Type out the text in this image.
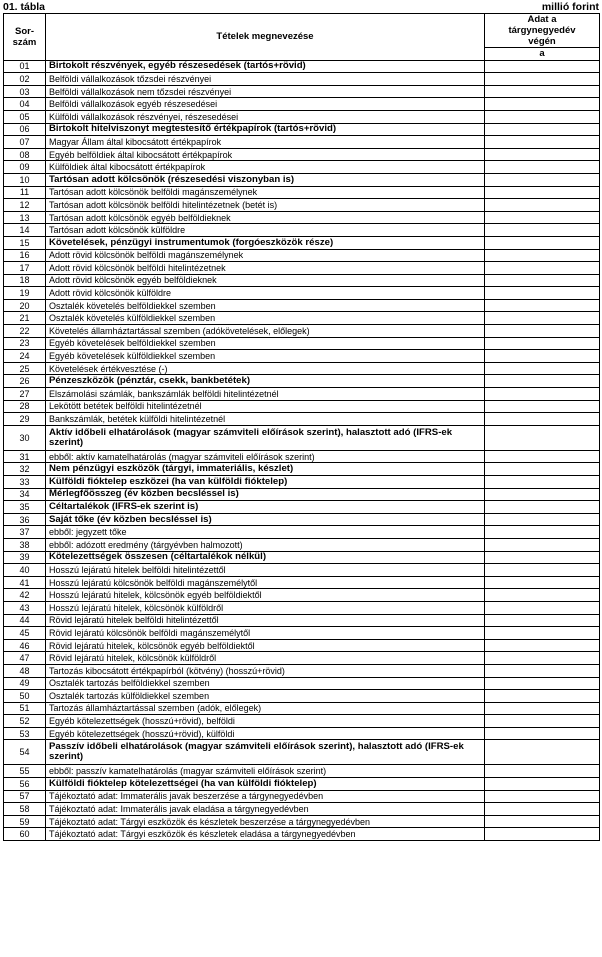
01. tábla	millió forint
Sor-
szám	Tételek megnevezése	Adat a
tárgynegyedév
végén
		a
01	Birtokolt részvények, egyéb részesedések (tartós+rövid)	
02	Belföldi vállalkozások tőzsdei részvényei	
03	Belföldi vállalkozások nem tőzsdei részvényei	
04	Belföldi vállalkozások egyéb részesedései	
05	Külföldi vállalkozások részvényei, részesedései	
06	Birtokolt hitelviszonyt megtestesítő értékpapírok (tartós+rövid)	
07	Magyar Állam által kibocsátott értékpapírok	
08	Egyéb belföldiek által kibocsátott értékpapírok	
09	Külföldiek által kibocsátott értékpapírok	
10	Tartósan adott kölcsönök (részesedési viszonyban is)	
11	Tartósan adott kölcsönök belföldi magánszemélynek	
12	Tartósan adott kölcsönök belföldi hitelintézetnek (betét is)	
13	Tartósan adott kölcsönök egyéb belföldieknek	
14	Tartósan adott kölcsönök külföldre	
15	Követelések, pénzügyi instrumentumok (forgóeszközök része)	
16	Adott rövid kölcsönök belföldi magánszemélynek	
17	Adott rövid kölcsönök belföldi hitelintézetnek	
18	Adott rövid kölcsönök egyéb belföldieknek	
19	Adott rövid kölcsönök külföldre	
20	Osztalék követelés belföldiekkel szemben	
21	Osztalék követelés külföldiekkel szemben	
22	Követelés államháztartással szemben (adókövetelések, előlegek)	
23	Egyéb követelések belföldiekkel szemben	
24	Egyéb követelések külföldiekkel szemben	
25	Követelések értékvesztése (-)	
26	Pénzeszközök (pénztár, csekk, bankbetétek)	
27	Elszámolási számlák, bankszámlák belföldi hitelintézetnél	
28	Lekötött betétek belföldi hitelintézetnél	
29	Bankszámlák, betétek külföldi hitelintézetnél	
30	Aktív időbeli elhatárolások (magyar számviteli előírások szerint), halasztott adó (IFRS-ek szerint)	
31	ebből: aktív kamatelhatárolás (magyar számviteli előírások szerint)	
32	Nem pénzügyi eszközök (tárgyi, immateriális, készlet)	
33	Külföldi fióktelep eszközei (ha van külföldi fióktelep)	
34	Mérlegfőösszeg (év közben becsléssel is)	
35	Céltartalékok (IFRS-ek szerint is)	
36	Saját tőke (év közben becsléssel is)	
37	ebből: jegyzett tőke	
38	ebből: adózott eredmény (tárgyévben halmozott)	
39	Kötelezettségek összesen (céltartalékok nélkül)	
40	Hosszú lejáratú hitelek belföldi hitelintézettől	
41	Hosszú lejáratú kölcsönök belföldi magánszemélytől	
42	Hosszú lejáratú hitelek, kölcsönök egyéb belföldiektől	
43	Hosszú lejáratú hitelek, kölcsönök külföldről	
44	Rövid lejáratú hitelek belföldi hitelintézettől	
45	Rövid lejáratú kölcsönök belföldi magánszemélytől	
46	Rövid lejáratú hitelek, kölcsönök egyéb belföldiektől	
47	Rövid lejáratú hitelek, kölcsönök külföldről	
48	Tartozás kibocsátott értékpapírból (kötvény) (hosszú+rövid)	
49	Osztalék tartozás belföldiekkel szemben	
50	Osztalék tartozás külföldiekkel szemben	
51	Tartozás államháztartással szemben (adók, előlegek)	
52	Egyéb kötelezettségek (hosszú+rövid), belföldi	
53	Egyéb kötelezettségek (hosszú+rövid), külföldi	
54	Passzív időbeli elhatárolások (magyar számviteli előírások szerint), halasztott adó (IFRS-ek szerint)	
55	ebből: passzív kamatelhatárolás (magyar számviteli előírások szerint)	
56	Külföldi fióktelep kötelezettségei (ha van külföldi fióktelep)	
57	Tájékoztató adat: Immaterális javak beszerzése a tárgynegyedévben	
58	Tájékoztató adat: Immaterális javak eladása a tárgynegyedévben	
59	Tájékoztató adat: Tárgyi eszközök és készletek beszerzése a tárgynegyedévben	
60	Tájékoztató adat: Tárgyi eszközök és készletek eladása a tárgynegyedévben	
